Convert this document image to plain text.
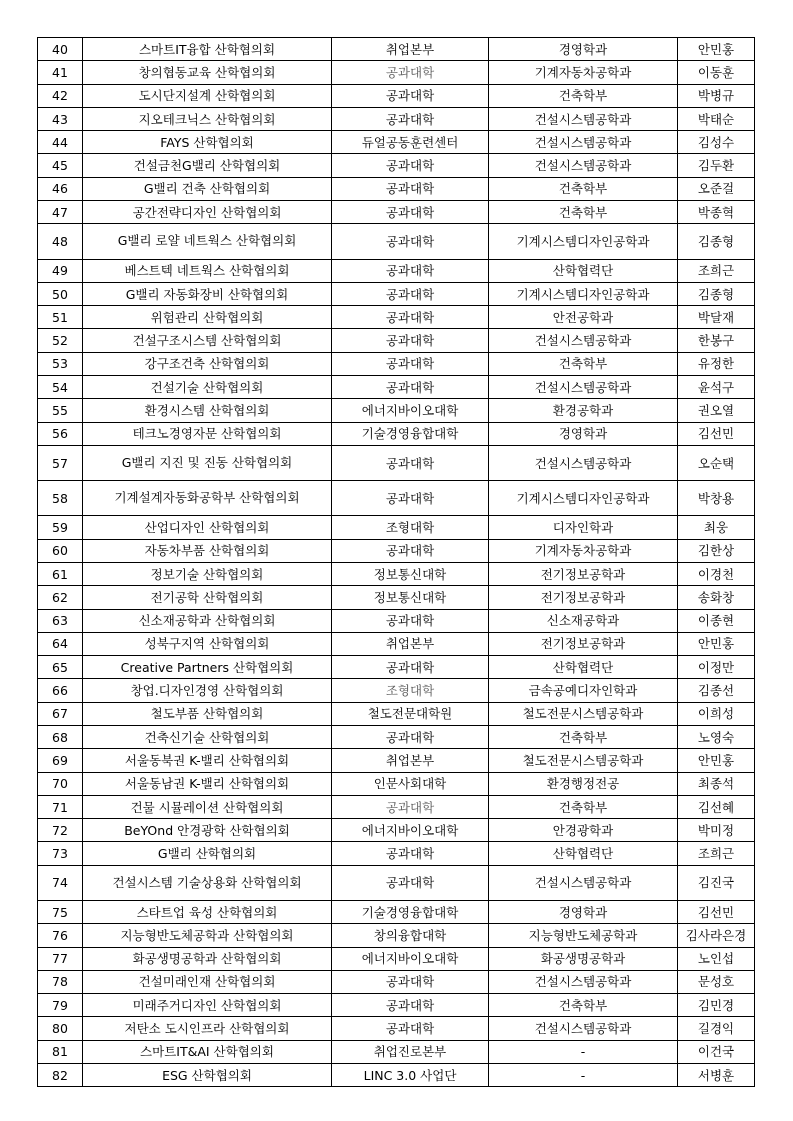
40	스마트IT융합 산학협의회	취업본부	경영학과	안민홍
41	창의협동교육 산학협의회	공과대학	기계자동차공학과	이동훈
42	도시단지설계 산학협의회	공과대학	건축학부	박병규
43	지오테크닉스 산학협의회	공과대학	건설시스템공학과	박태순
44	FAYS 산학협의회	듀얼공동훈련센터	건설시스템공학과	김성수
45	건설금천G밸리 산학협의회	공과대학	건설시스템공학과	김두환
46	G밸리 건축 산학협의회	공과대학	건축학부	오준걸
47	공간전략디자인 산학협의회	공과대학	건축학부	박종혁
48	G밸리 로얄 네트웍스 산학협의회	공과대학	기계시스템디자인공학과	김종형
49	베스트텍 네트웍스 산학협의회	공과대학	산학협력단	조희근
50	G밸리 자동화장비 산학협의회	공과대학	기계시스템디자인공학과	김종형
51	위험관리 산학협의회	공과대학	안전공학과	박달재
52	건설구조시스템 산학협의회	공과대학	건설시스템공학과	한봉구
53	강구조건축 산학협의회	공과대학	건축학부	유정한
54	건설기술 산학협의회	공과대학	건설시스템공학과	윤석구
55	환경시스템 산학협의회	에너지바이오대학	환경공학과	권오열
56	테크노경영자문 산학협의회	기술경영융합대학	경영학과	김선민
57	G밸리 지진 및 진동 산학협의회	공과대학	건설시스템공학과	오순택
58	기계설계자동화공학부 산학협의회	공과대학	기계시스템디자인공학과	박창용
59	산업디자인 산학협의회	조형대학	디자인학과	최웅
60	자동차부품 산학협의회	공과대학	기계자동차공학과	김한상
61	정보기술 산학협의회	정보통신대학	전기정보공학과	이경천
62	전기공학 산학협의회	정보통신대학	전기정보공학과	송화창
63	신소재공학과 산학협의회	공과대학	신소재공학과	이종현
64	성북구지역 산학협의회	취업본부	전기정보공학과	안민홍
65	Creative Partners 산학협의회	공과대학	산학협력단	이정만
66	창업.디자인경영 산학협의회	조형대학	금속공예디자인학과	김종선
67	철도부품 산학협의회	철도전문대학원	철도전문시스템공학과	이희성
68	건축신기술 산학협의회	공과대학	건축학부	노영숙
69	서울동북권 K-밸리 산학협의회	취업본부	철도전문시스템공학과	안민홍
70	서울동남권 K-밸리 산학협의회	인문사회대학	환경행정전공	최종석
71	건물 시뮬레이션 산학협의회	공과대학	건축학부	김선혜
72	BeYOnd 안경광학 산학협의회	에너지바이오대학	안경광학과	박미정
73	G밸리 산학협의회	공과대학	산학협력단	조희근
74	건설시스템 기술상용화 산학협의회	공과대학	건설시스템공학과	김진국
75	스타트업 육성 산학협의회	기술경영융합대학	경영학과	김선민
76	지능형반도체공학과 산학협의회	창의융합대학	지능형반도체공학과	김사라은경
77	화공생명공학과 산학협의회	에너지바이오대학	화공생명공학과	노인섭
78	건설미래인재 산학협의회	공과대학	건설시스템공학과	문성호
79	미래주거디자인 산학협의회	공과대학	건축학부	김민경
80	저탄소 도시인프라 산학협의회	공과대학	건설시스템공학과	길경익
81	스마트IT&AI 산학협의회	취업진로본부	-	이건국
82	ESG 산학협의회	LINC 3.0 사업단	-	서병훈
